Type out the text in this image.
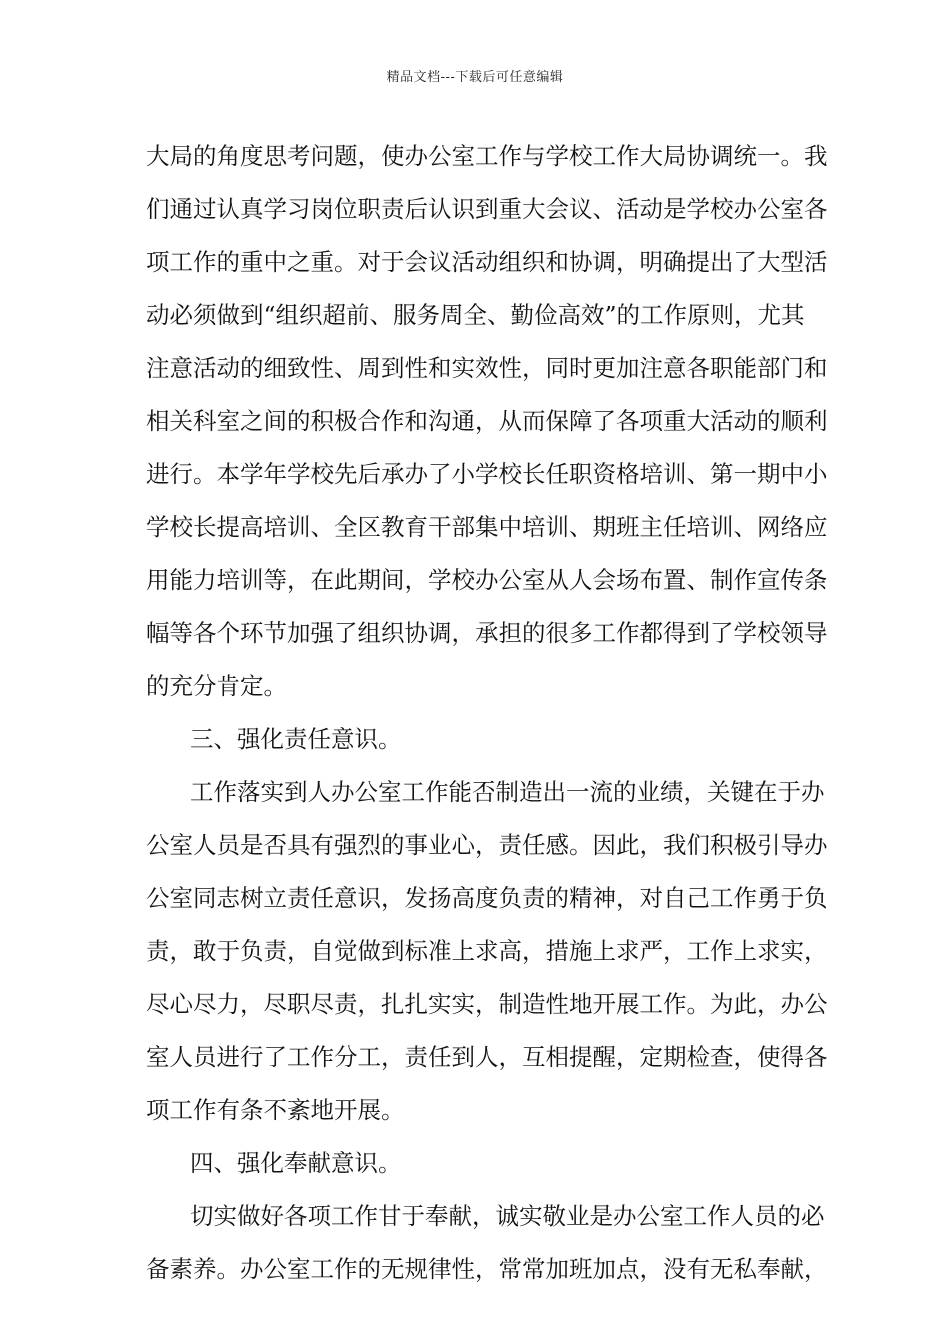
精品文档---下载后可任意编辑
大局的角度思考问题，使办公室工作与学校工作大局协调统一。我
们通过认真学习岗位职责后认识到重大会议、活动是学校办公室各
项工作的重中之重。对于会议活动组织和协调，明确提出了大型活
动必须做到“组织超前、服务周全、勤俭高效”的工作原则，尤其
注意活动的细致性、周到性和实效性，同时更加注意各职能部门和
相关科室之间的积极合作和沟通，从而保障了各项重大活动的顺利
进行。本学年学校先后承办了小学校长任职资格培训、第一期中小
学校长提高培训、全区教育干部集中培训、期班主任培训、网络应
用能力培训等，在此期间，学校办公室从人会场布置、制作宣传条
幅等各个环节加强了组织协调，承担的很多工作都得到了学校领导
的充分肯定。
三、强化责任意识。
工作落实到人办公室工作能否制造出一流的业绩，关键在于办
公室人员是否具有强烈的事业心，责任感。因此，我们积极引导办
公室同志树立责任意识，发扬高度负责的精神，对自己工作勇于负
责，敢于负责，自觉做到标准上求高，措施上求严，工作上求实，
尽心尽力，尽职尽责，扎扎实实，制造性地开展工作。为此，办公
室人员进行了工作分工，责任到人，互相提醒，定期检查，使得各
项工作有条不紊地开展。
四、强化奉献意识。
切实做好各项工作甘于奉献，诚实敬业是办公室工作人员的必
备素养。办公室工作的无规律性，常常加班加点，没有无私奉献，
